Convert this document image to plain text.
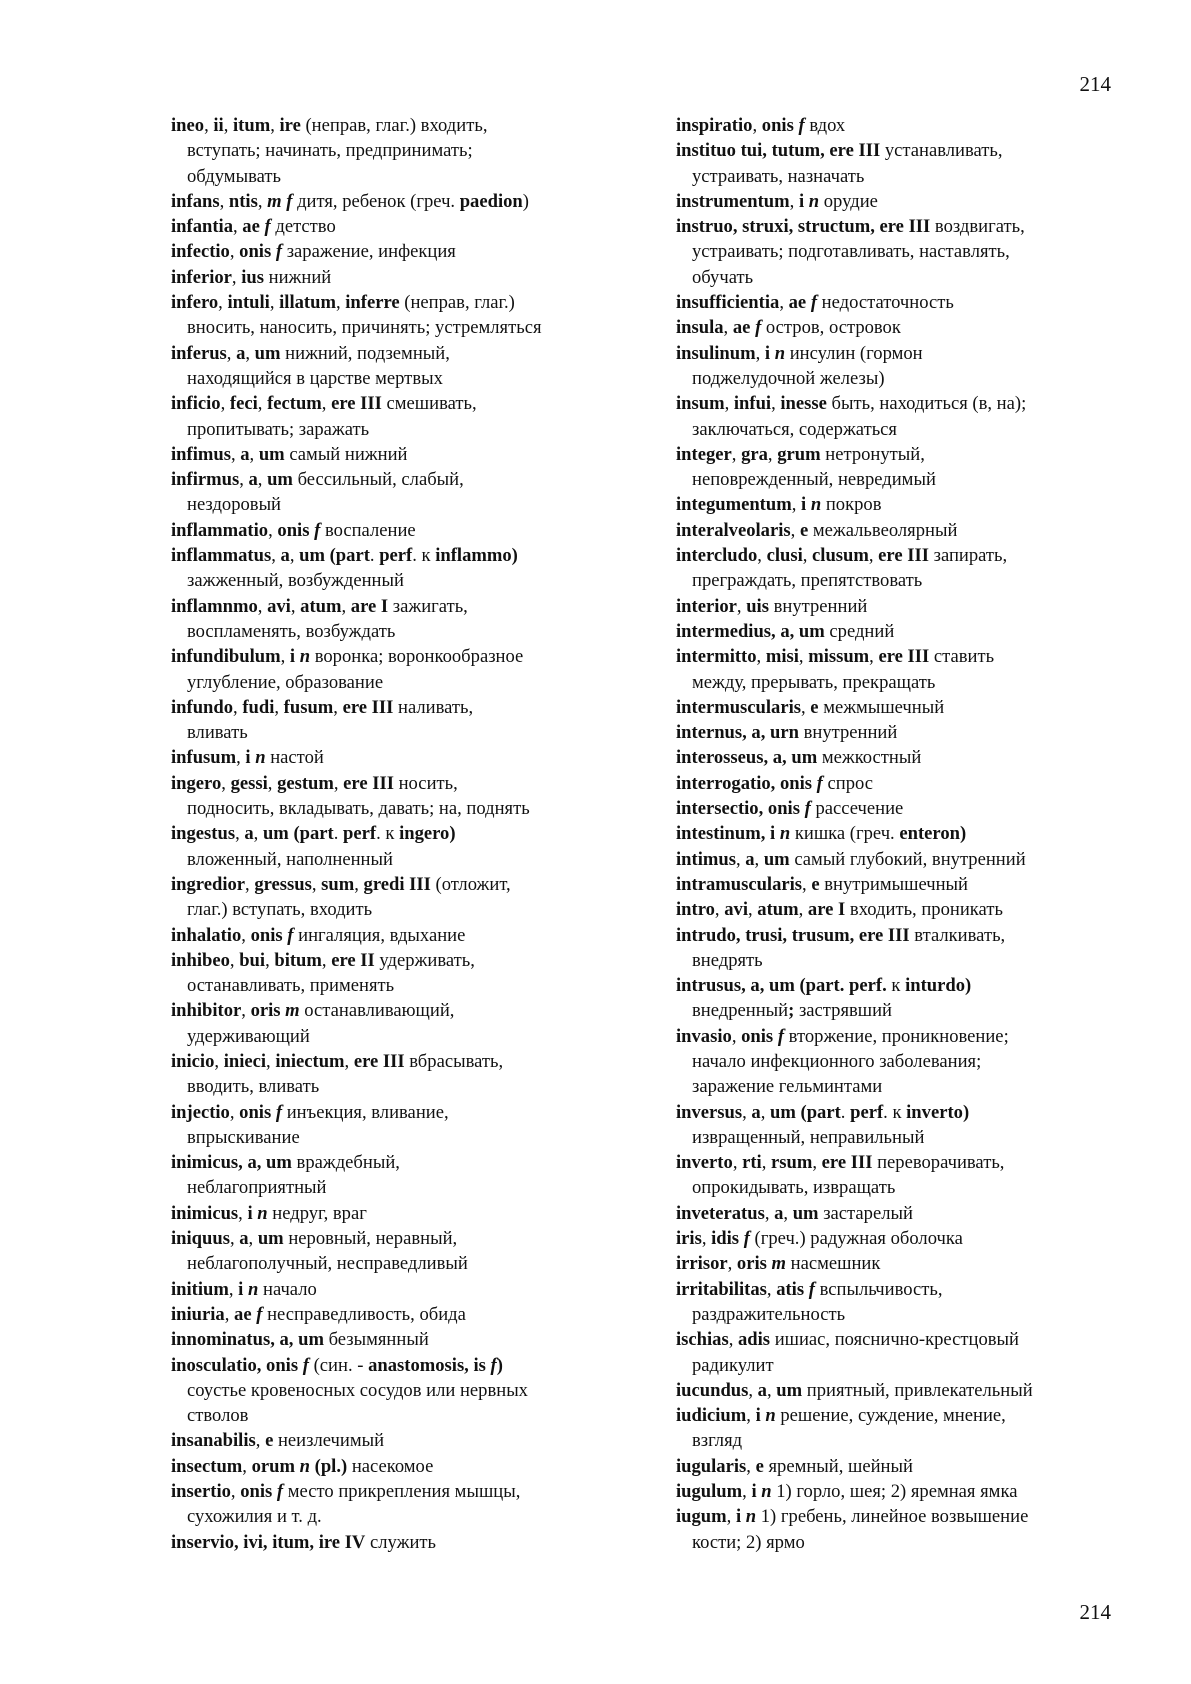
214
ineo, ii, itum, ire (неправ, глаг.) входить,
вступать; начинать, предпринимать;
обдумывать
infans, ntis, m f дитя, ребенок (греч. paedion)
infantia, ae f детство
infectio, onis f заражение, инфекция
inferior, ius нижний
infero, intuli, illatum, inferre (неправ, глаг.)
вносить, наносить, причинять; устремляться
inferus, a, um нижний, подземный,
находящийся в царстве мертвых
inficio, feci, fectum, ere III смешивать,
пропитывать; заражать
infimus, a, um самый нижний
infirmus, a, um бессильный, слабый,
нездоровый
inflammatio, onis f воспаление
inflammatus, a, um (part. perf. к inflammo)
зажженный, возбужденный
inflamnmo, avi, atum, are I зажигать,
воспламенять, возбуждать
infundibulum, i n воронка; воронкообразное
углубление, образование
infundo, fudi, fusum, ere III наливать,
вливать
infusum, i n настой
ingero, gessi, gestum, ere III носить,
подносить, вкладывать, давать; на, поднять
ingestus, a, um (part. perf. к ingero)
вложенный, наполненный
ingredior, gressus, sum, gredi III (отложит,
глаг.) вступать, входить
inhalatio, onis f ингаляция, вдыхание
inhibeo, bui, bitum, ere II удерживать,
останавливать, применять
inhibitor, oris m останавливающий,
удерживающий
inicio, inieci, iniectum, ere III вбрасывать,
вводить, вливать
injectio, onis f инъекция, вливание,
впрыскивание
inimicus, a, um враждебный,
неблагоприятный
inimicus, i n недруг, враг
iniquus, a, um неровный, неравный,
неблагополучный, несправедливый
initium, i n начало
iniuria, ae f несправедливость, обида
innominatus, a, um безымянный
inosculatio, onis f (син. - anastomosis, is f)
соустье кровеносных сосудов или нервных
стволов
insanabilis, e неизлечимый
insectum, orum n (pl.) насекомое
insertio, onis f место прикрепления мышцы,
сухожилия и т. д.
inservio, ivi, itum, ire IV служить
inspiratio, onis f вдох
instituo tui, tutum, ere III устанавливать,
устраивать, назначать
instrumentum, i n орудие
instruo, struxi, structum, ere III воздвигать,
устраивать; подготавливать, наставлять,
обучать
insufficientia, ae f недостаточность
insula, ae f остров, островок
insulinum, i n инсулин (гормон
поджелудочной железы)
insum, infui, inesse быть, находиться (в, на);
заключаться, содержаться
integer, gra, grum нетронутый,
неповрежденный, невредимый
integumentum, i n покров
interalveolaris, e межальвеолярный
intercludo, clusi, clusum, ere III запирать,
преграждать, препятствовать
interior, uis внутренний
intermedius, a, um средний
intermitto, misi, missum, ere III ставить
между, прерывать, прекращать
intermuscularis, e межмышечный
internus, a, urn внутренний
interosseus, a, um межкостный
interrogatio, onis f спрос
intersectio, onis f рассечение
intestinum, i n кишка (греч. enteron)
intimus, a, um самый глубокий, внутренний
intramuscularis, e внутримышечный
intro, avi, atum, are I входить, проникать
intrudo, trusi, trusum, ere III вталкивать,
внедрять
intrusus, a, um (part. perf. к inturdo)
внедренный; застрявший
invasio, onis f вторжение, проникновение;
начало инфекционного заболевания;
заражение гельминтами
inversus, a, um (part. perf. к inverto)
извращенный, неправильный
inverto, rti, rsum, ere III переворачивать,
опрокидывать, извращать
inveteratus, a, um застарелый
iris, idis f (греч.) радужная оболочка
irrisor, oris m насмешник
irritabilitas, atis f вспыльчивость,
раздражительность
ischias, adis ишиас, пояснично-крестцовый
радикулит
iucundus, a, um приятный, привлекательный
iudicium, i n решение, суждение, мнение,
взгляд
iugularis, e яремный, шейный
iugulum, i n 1) горло, шея; 2) яремная ямка
iugum, i n 1) гребень, линейное возвышение
кости; 2) ярмо
214
